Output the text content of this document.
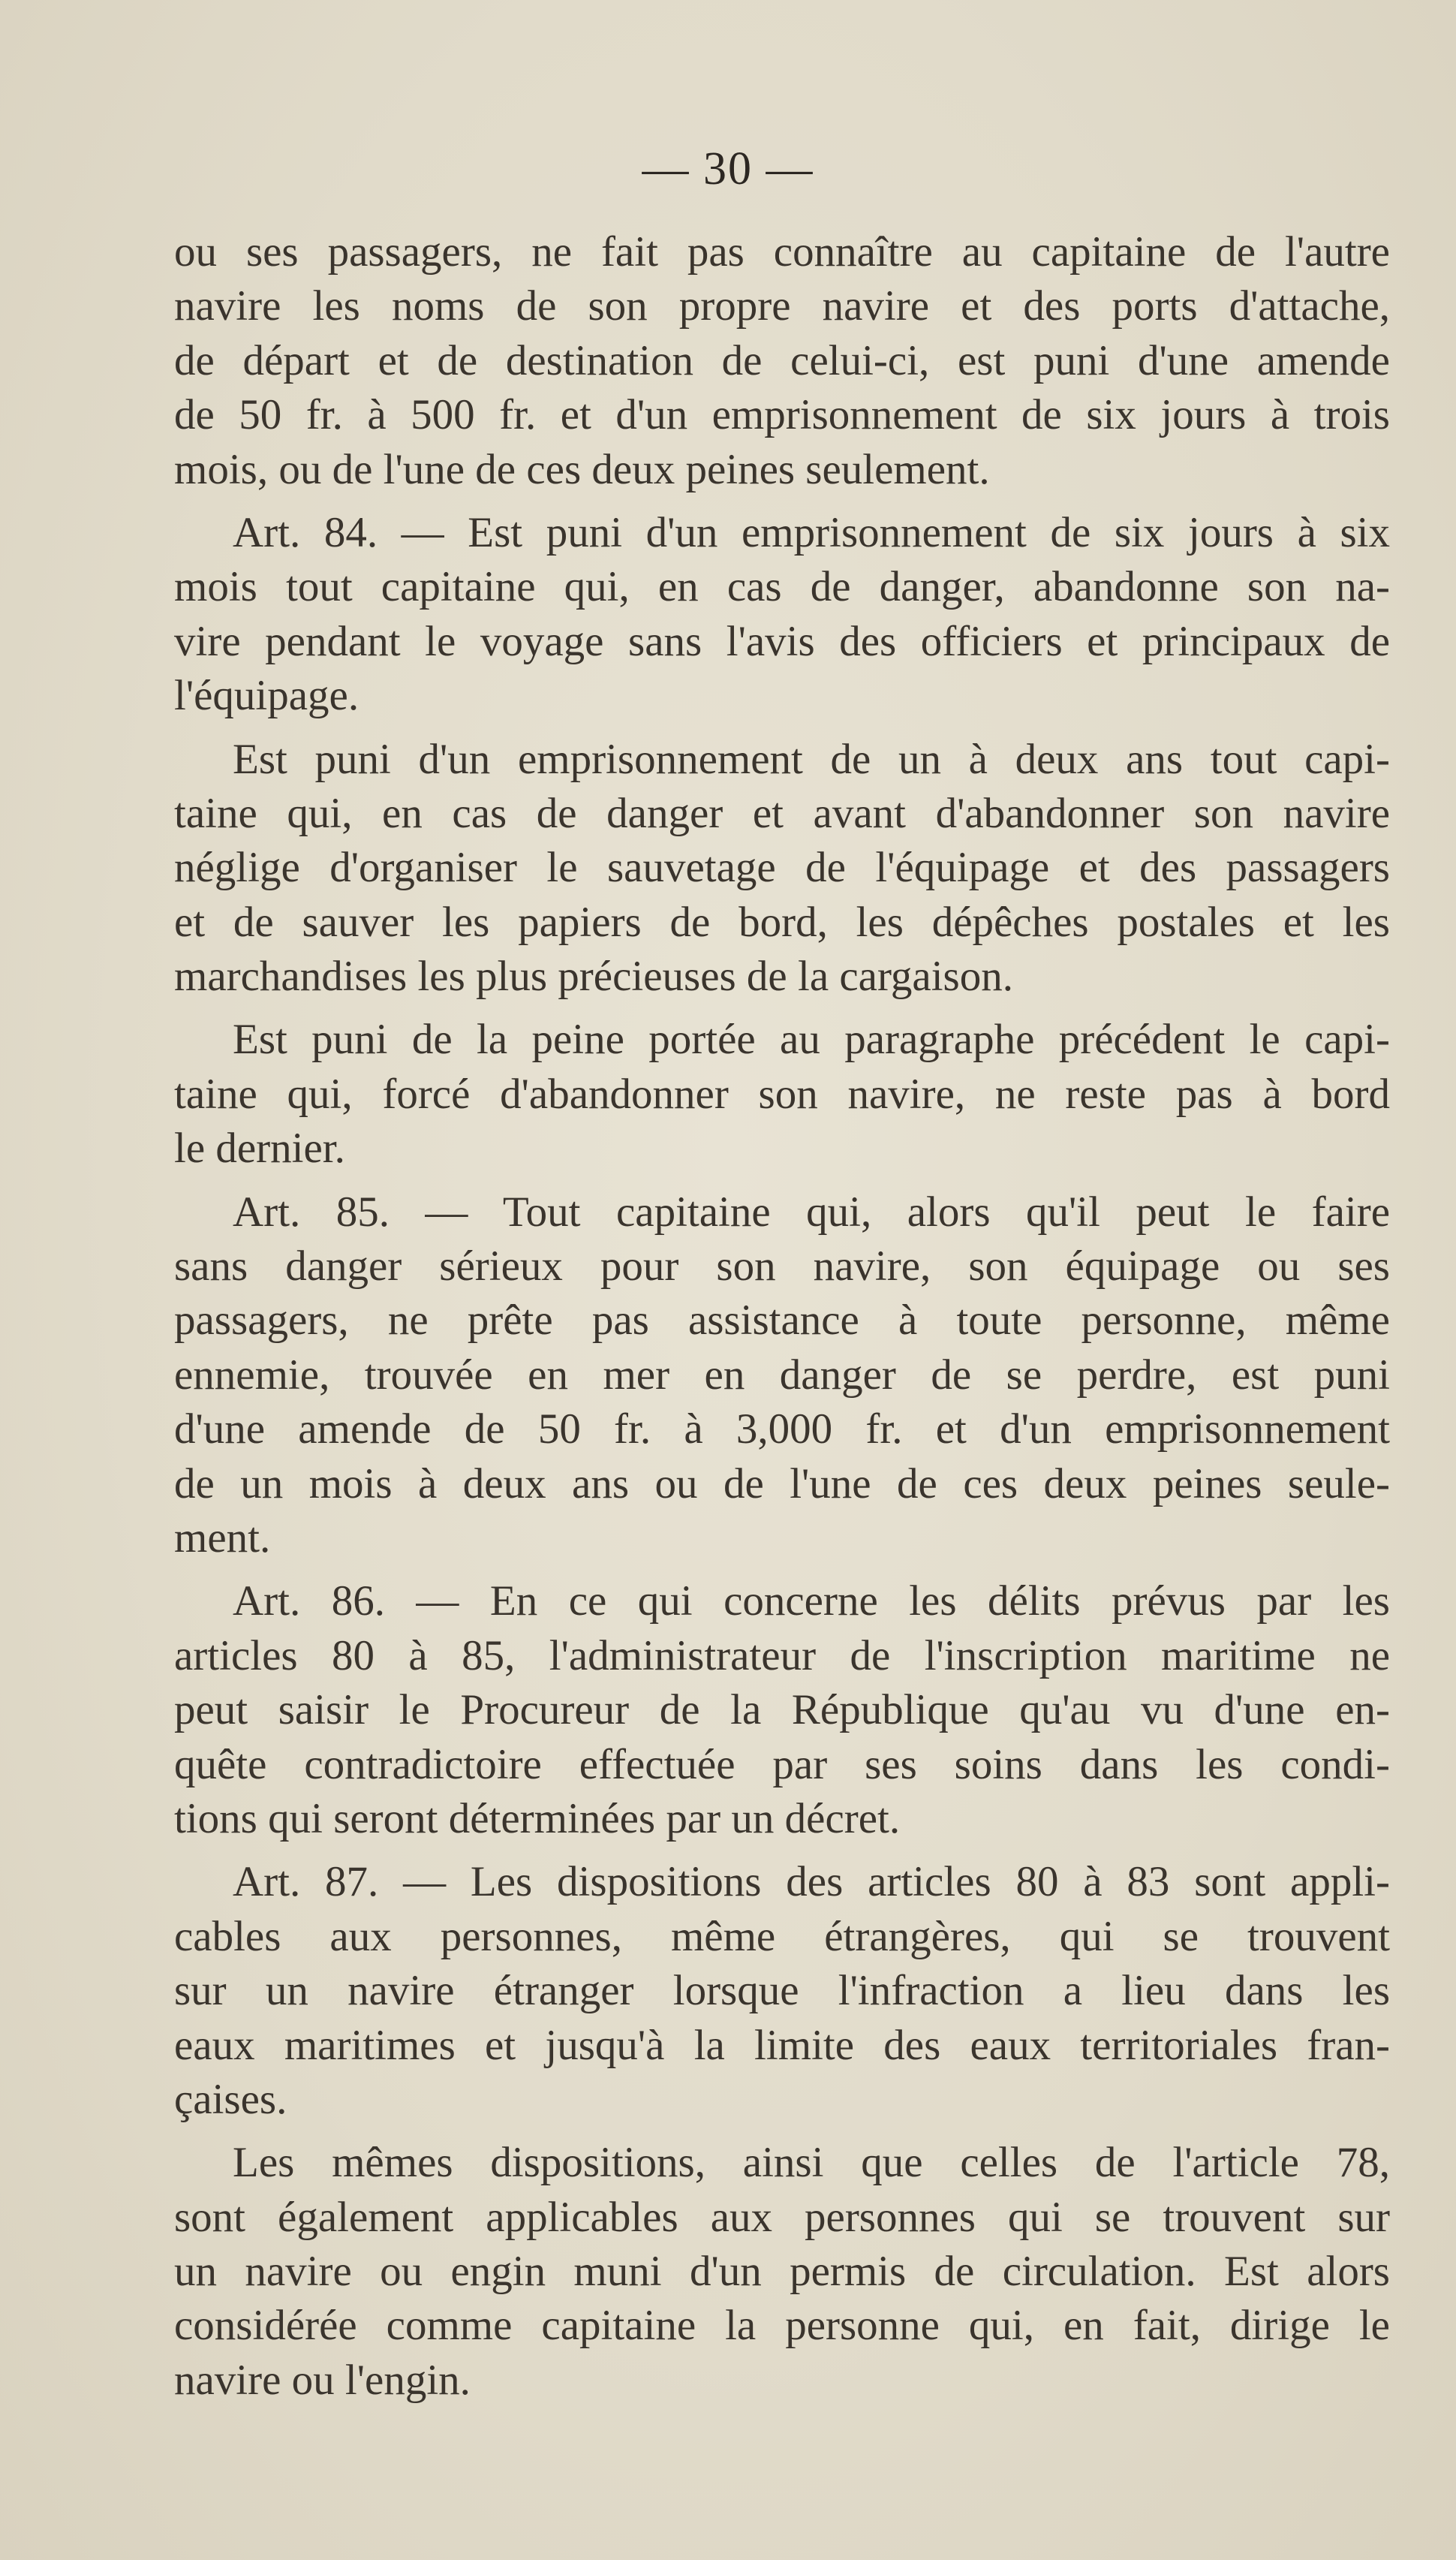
— 30 —
ou ses passagers, ne fait pas connaître au capitaine de l'autre
navire les noms de son propre navire et des ports d'attache,
de départ et de destination de celui-ci, est puni d'une amende
de 50 fr. à 500 fr. et d'un emprisonnement de six jours à trois
mois, ou de l'une de ces deux peines seulement.
Art. 84. — Est puni d'un emprisonnement de six jours à six
mois tout capitaine qui, en cas de danger, abandonne son na-
vire pendant le voyage sans l'avis des officiers et principaux de
l'équipage.
Est puni d'un emprisonnement de un à deux ans tout capi-
taine qui, en cas de danger et avant d'abandonner son navire
néglige d'organiser le sauvetage de l'équipage et des passagers
et de sauver les papiers de bord, les dépêches postales et les
marchandises les plus précieuses de la cargaison.
Est puni de la peine portée au paragraphe précédent le capi-
taine qui, forcé d'abandonner son navire, ne reste pas à bord
le dernier.
Art. 85. — Tout capitaine qui, alors qu'il peut le faire
sans danger sérieux pour son navire, son équipage ou ses
passagers, ne prête pas assistance à toute personne, même
ennemie, trouvée en mer en danger de se perdre, est puni
d'une amende de 50 fr. à 3,000 fr. et d'un emprisonnement
de un mois à deux ans ou de l'une de ces deux peines seule-
ment.
Art. 86. — En ce qui concerne les délits prévus par les
articles 80 à 85, l'administrateur de l'inscription maritime ne
peut saisir le Procureur de la République qu'au vu d'une en-
quête contradictoire effectuée par ses soins dans les condi-
tions qui seront déterminées par un décret.
Art. 87. — Les dispositions des articles 80 à 83 sont appli-
cables aux personnes, même étrangères, qui se trouvent
sur un navire étranger lorsque l'infraction a lieu dans les
eaux maritimes et jusqu'à la limite des eaux territoriales fran-
çaises.
Les mêmes dispositions, ainsi que celles de l'article 78,
sont également applicables aux personnes qui se trouvent sur
un navire ou engin muni d'un permis de circulation. Est alors
considérée comme capitaine la personne qui, en fait, dirige le
navire ou l'engin.
